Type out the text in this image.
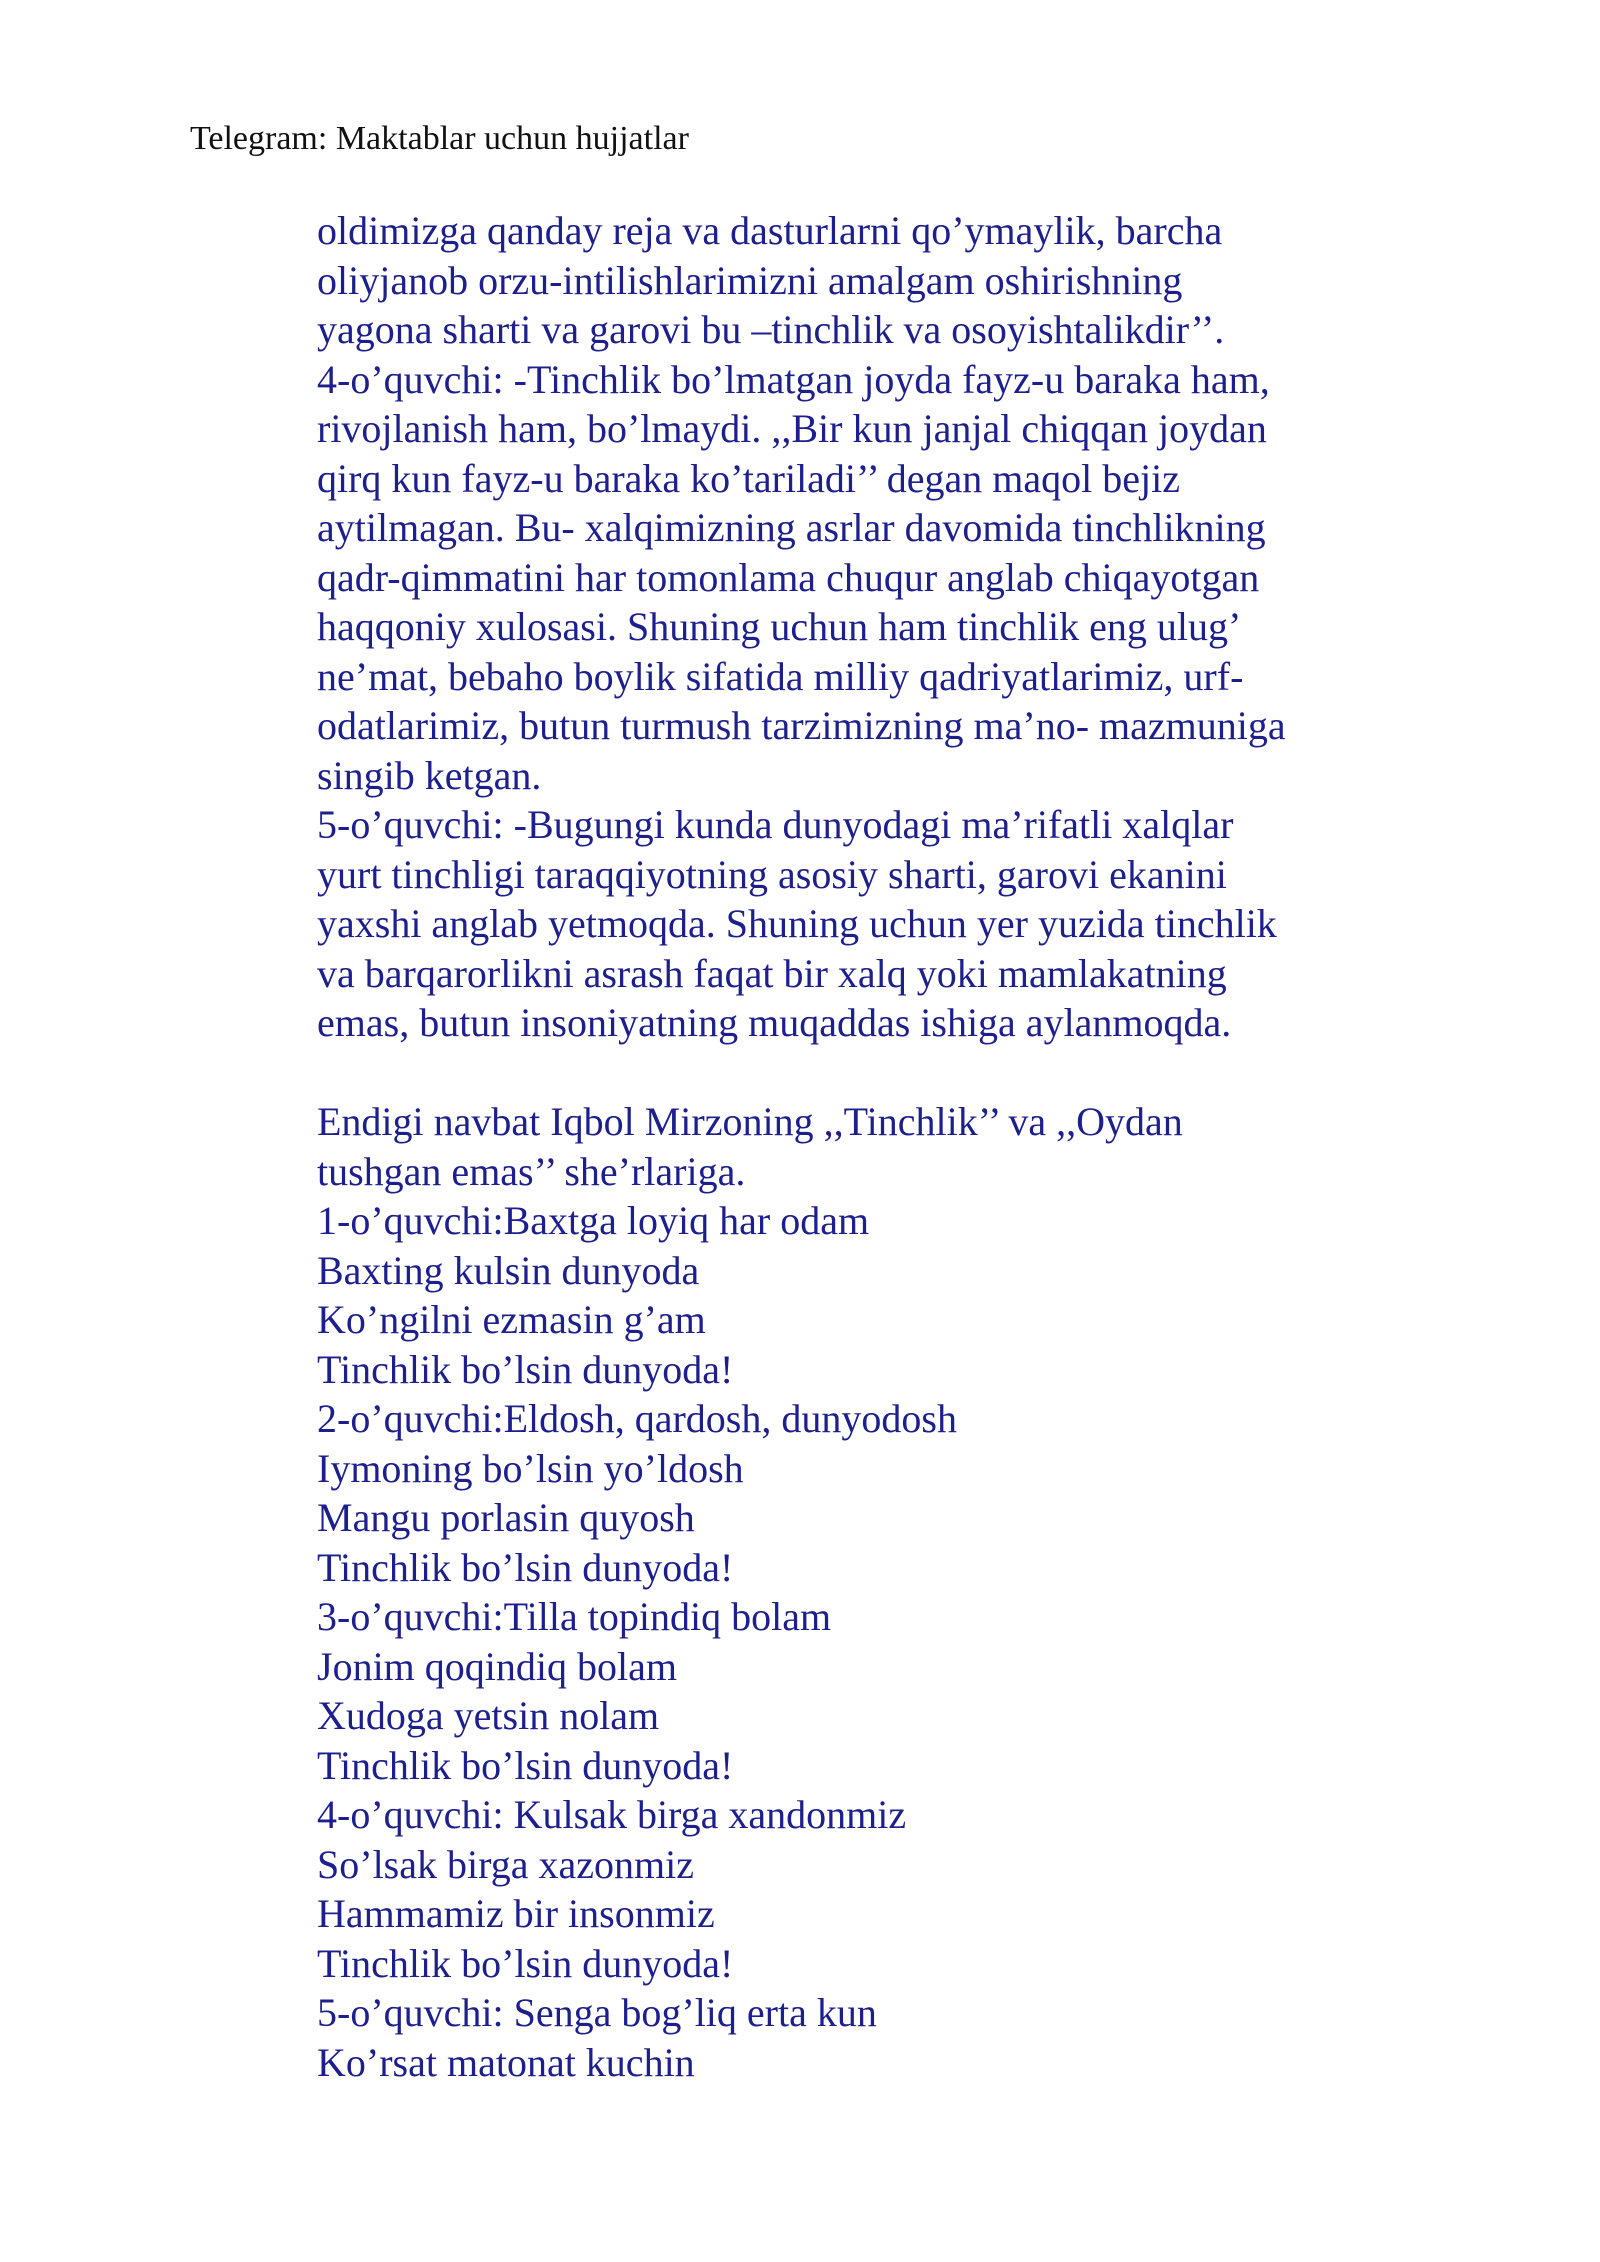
Telegram: Maktablar uchun hujjatlar
oldimizga qanday reja va dasturlarni qo’ymaylik, barcha
oliyjanob orzu-intilishlarimizni amalgam oshirishning
yagona sharti va garovi bu –tinchlik va osoyishtalikdir’’.
4-o’quvchi: -Tinchlik bo’lmatgan joyda fayz-u baraka ham,
rivojlanish ham, bo’lmaydi. ,,Bir kun janjal chiqqan joydan
qirq kun fayz-u baraka ko’tariladi’’ degan maqol bejiz
aytilmagan. Bu- xalqimizning asrlar davomida tinchlikning
qadr-qimmatini har tomonlama chuqur anglab chiqayotgan
haqqoniy xulosasi. Shuning uchun ham tinchlik eng ulug’
ne’mat, bebaho boylik sifatida milliy qadriyatlarimiz, urf-
odatlarimiz, butun turmush tarzimizning ma’no- mazmuniga
singib ketgan.
5-o’quvchi: -Bugungi kunda dunyodagi ma’rifatli xalqlar
yurt tinchligi taraqqiyotning asosiy sharti, garovi ekanini
yaxshi anglab yetmoqda. Shuning uchun yer yuzida tinchlik
va barqarorlikni asrash faqat bir xalq yoki mamlakatning
emas, butun insoniyatning muqaddas ishiga aylanmoqda.
Endigi navbat Iqbol Mirzoning ,,Tinchlik’’ va ,,Oydan
tushgan emas’’ she’rlariga.
1-o’quvchi:Baxtga loyiq har odam
Baxting kulsin dunyoda
Ko’ngilni ezmasin g’am
Tinchlik bo’lsin dunyoda!
2-o’quvchi:Eldosh, qardosh, dunyodosh
Iymoning bo’lsin yo’ldosh
Mangu porlasin quyosh
Tinchlik bo’lsin dunyoda!
3-o’quvchi:Tilla topindiq bolam
Jonim qoqindiq bolam
Xudoga yetsin nolam
Tinchlik bo’lsin dunyoda!
4-o’quvchi: Kulsak birga xandonmiz
So’lsak birga xazonmiz
Hammamiz bir insonmiz
Tinchlik bo’lsin dunyoda!
5-o’quvchi: Senga bog’liq erta kun
Ko’rsat matonat kuchin
